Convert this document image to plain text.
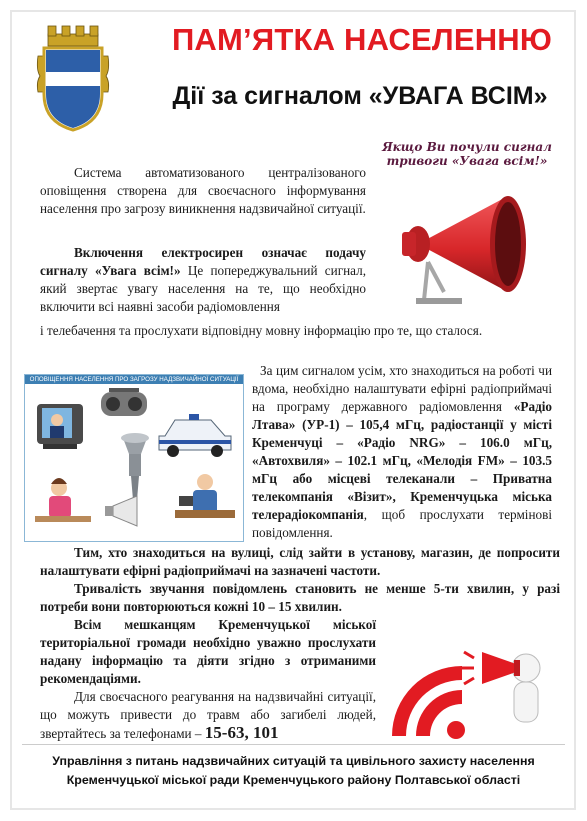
ПАМ’ЯТКА НАСЕЛЕННЮ
Дії за сигналом «УВАГА ВСІМ»
Якщо Ви почули сигнал тривоги «Увага всім!»
Система автоматизованого централізованого оповіщення створена для своєчасного інформування населення про загрозу виникнення надзвичайної ситуації.
Включення електросирен означає подачу сигналу «Увага всім!» Це попереджувальний сигнал, який звертає увагу населення на те, що необхідно включити всі наявні засоби радіомовлення
і телебачення та прослухати відповідну мовну інформацію про те, що сталося.
ОПОВІЩЕННЯ НАСЕЛЕННЯ ПРО ЗАГРОЗУ НАДЗВИЧАЙНОЇ СИТУАЦІЇ
За цим сигналом усім, хто знаходиться на роботі чи вдома, необхідно налаштувати ефірні радіоприймачі на програму державного радіомовлення «Радіо Лтава» (УР-1) – 105,4 мГц, радіостанції у місті Кременчуці – «Радіо NRG» – 106.0 мГц, «Автохвиля» – 102.1 мГц, «Мелодія FM» – 103.5 мГц або місцеві телеканали – Приватна телекомпанія «Візит», Кременчуцька міська телерадіокомпанія, щоб прослухати термінові повідомлення.
Тим, хто знаходиться на вулиці, слід зайти в установу, магазин, де попросити налаштувати ефірні радіоприймачі на зазначені частоти.
Тривалість звучання повідомлень становить не менше 5-ти хвилин, у разі потреби вони повторюються кожні 10 – 15 хвилин.
Всім мешканцям Кременчуцької міської територіальної громади необхідно уважно прослухати надану інформацію та діяти згідно з отриманими рекомендаціями.
Для своєчасного реагування на надзвичайні ситуації, що можуть привести до травм або загибелі людей, звертайтесь за телефонами – 15-63, 101
Управління з питань надзвичайних ситуацій та цивільного захисту населення
Кременчуцької міської ради Кременчуцького району Полтавської області
